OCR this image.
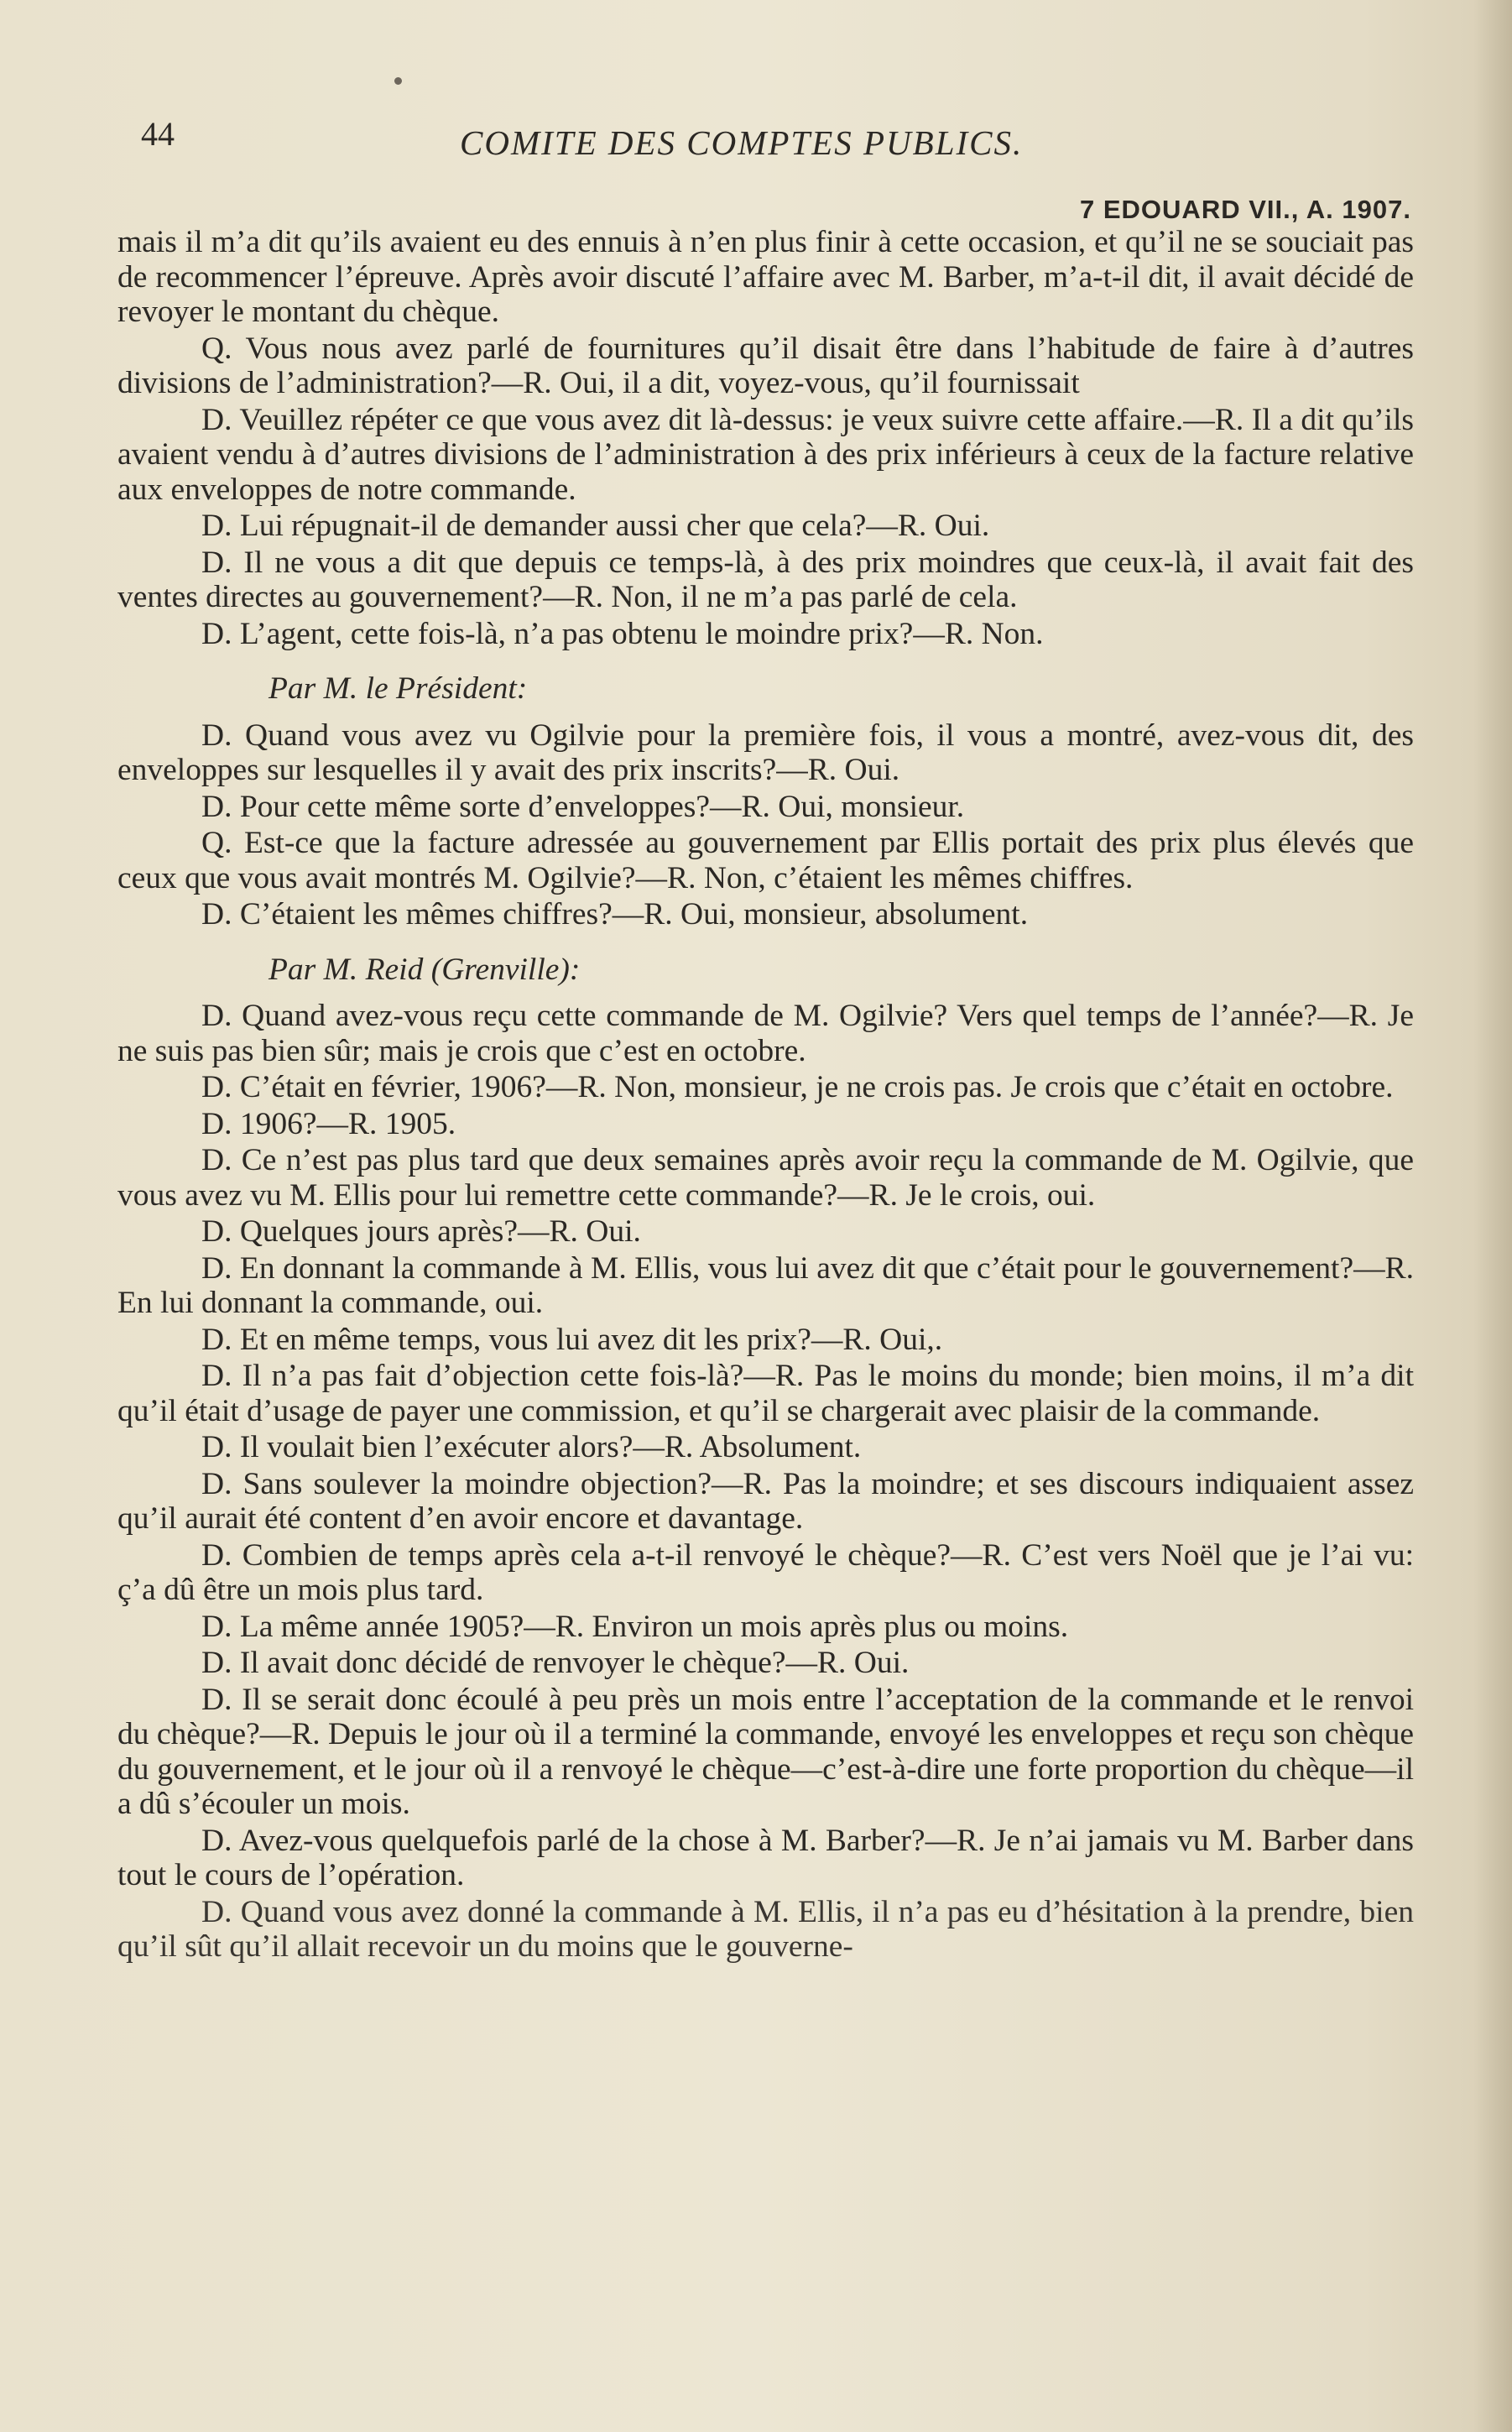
44	COMITE DES COMPTES PUBLICS.
7 EDOUARD VII., A. 1907.

mais il m’a dit qu’ils avaient eu des ennuis à n’en plus finir à cette occasion, et qu’il ne se souciait pas de recommencer l’épreuve. Après avoir discuté l’affaire avec M. Barber, m’a-t-il dit, il avait décidé de revoyer le montant du chèque.

Q. Vous nous avez parlé de fournitures qu’il disait être dans l’habitude de faire à d’autres divisions de l’administration?—R. Oui, il a dit, voyez-vous, qu’il fournissait

D. Veuillez répéter ce que vous avez dit là-dessus: je veux suivre cette affaire.—R. Il a dit qu’ils avaient vendu à d’autres divisions de l’administration à des prix inférieurs à ceux de la facture relative aux enveloppes de notre commande.

D. Lui répugnait-il de demander aussi cher que cela?—R. Oui.

D. Il ne vous a dit que depuis ce temps-là, à des prix moindres que ceux-là, il avait fait des ventes directes au gouvernement?—R. Non, il ne m’a pas parlé de cela.

D. L’agent, cette fois-là, n’a pas obtenu le moindre prix?—R. Non.

Par M. le Président:

D. Quand vous avez vu Ogilvie pour la première fois, il vous a montré, avez-vous dit, des enveloppes sur lesquelles il y avait des prix inscrits?—R. Oui.

D. Pour cette même sorte d’enveloppes?—R. Oui, monsieur.

Q. Est-ce que la facture adressée au gouvernement par Ellis portait des prix plus élevés que ceux que vous avait montrés M. Ogilvie?—R. Non, c’étaient les mêmes chiffres.

D. C’étaient les mêmes chiffres?—R. Oui, monsieur, absolument.

Par M. Reid (Grenville):

D. Quand avez-vous reçu cette commande de M. Ogilvie? Vers quel temps de l’année?—R. Je ne suis pas bien sûr; mais je crois que c’est en octobre.

D. C’était en février, 1906?—R. Non, monsieur, je ne crois pas. Je crois que c’était en octobre.

D. 1906?—R. 1905.

D. Ce n’est pas plus tard que deux semaines après avoir reçu la commande de M. Ogilvie, que vous avez vu M. Ellis pour lui remettre cette commande?—R. Je le crois, oui.

D. Quelques jours après?—R. Oui.

D. En donnant la commande à M. Ellis, vous lui avez dit que c’était pour le gouvernement?—R. En lui donnant la commande, oui.

D. Et en même temps, vous lui avez dit les prix?—R. Oui,.

D. Il n’a pas fait d’objection cette fois-là?—R. Pas le moins du monde; bien moins, il m’a dit qu’il était d’usage de payer une commission, et qu’il se chargerait avec plaisir de la commande.

D. Il voulait bien l’exécuter alors?—R. Absolument.

D. Sans soulever la moindre objection?—R. Pas la moindre; et ses discours indiquaient assez qu’il aurait été content d’en avoir encore et davantage.

D. Combien de temps après cela a-t-il renvoyé le chèque?—R. C’est vers Noël que je l’ai vu: ç’a dû être un mois plus tard.

D. La même année 1905?—R. Environ un mois après plus ou moins.

D. Il avait donc décidé de renvoyer le chèque?—R. Oui.

D. Il se serait donc écoulé à peu près un mois entre l’acceptation de la commande et le renvoi du chèque?—R. Depuis le jour où il a terminé la commande, envoyé les enveloppes et reçu son chèque du gouvernement, et le jour où il a renvoyé le chèque—c’est-à-dire une forte proportion du chèque—il a dû s’écouler un mois.

D. Avez-vous quelquefois parlé de la chose à M. Barber?—R. Je n’ai jamais vu M. Barber dans tout le cours de l’opération.

D. Quand vous avez donné la commande à M. Ellis, il n’a pas eu d’hésitation à la prendre, bien qu’il sût qu’il allait recevoir un du moins que le gouverne-
